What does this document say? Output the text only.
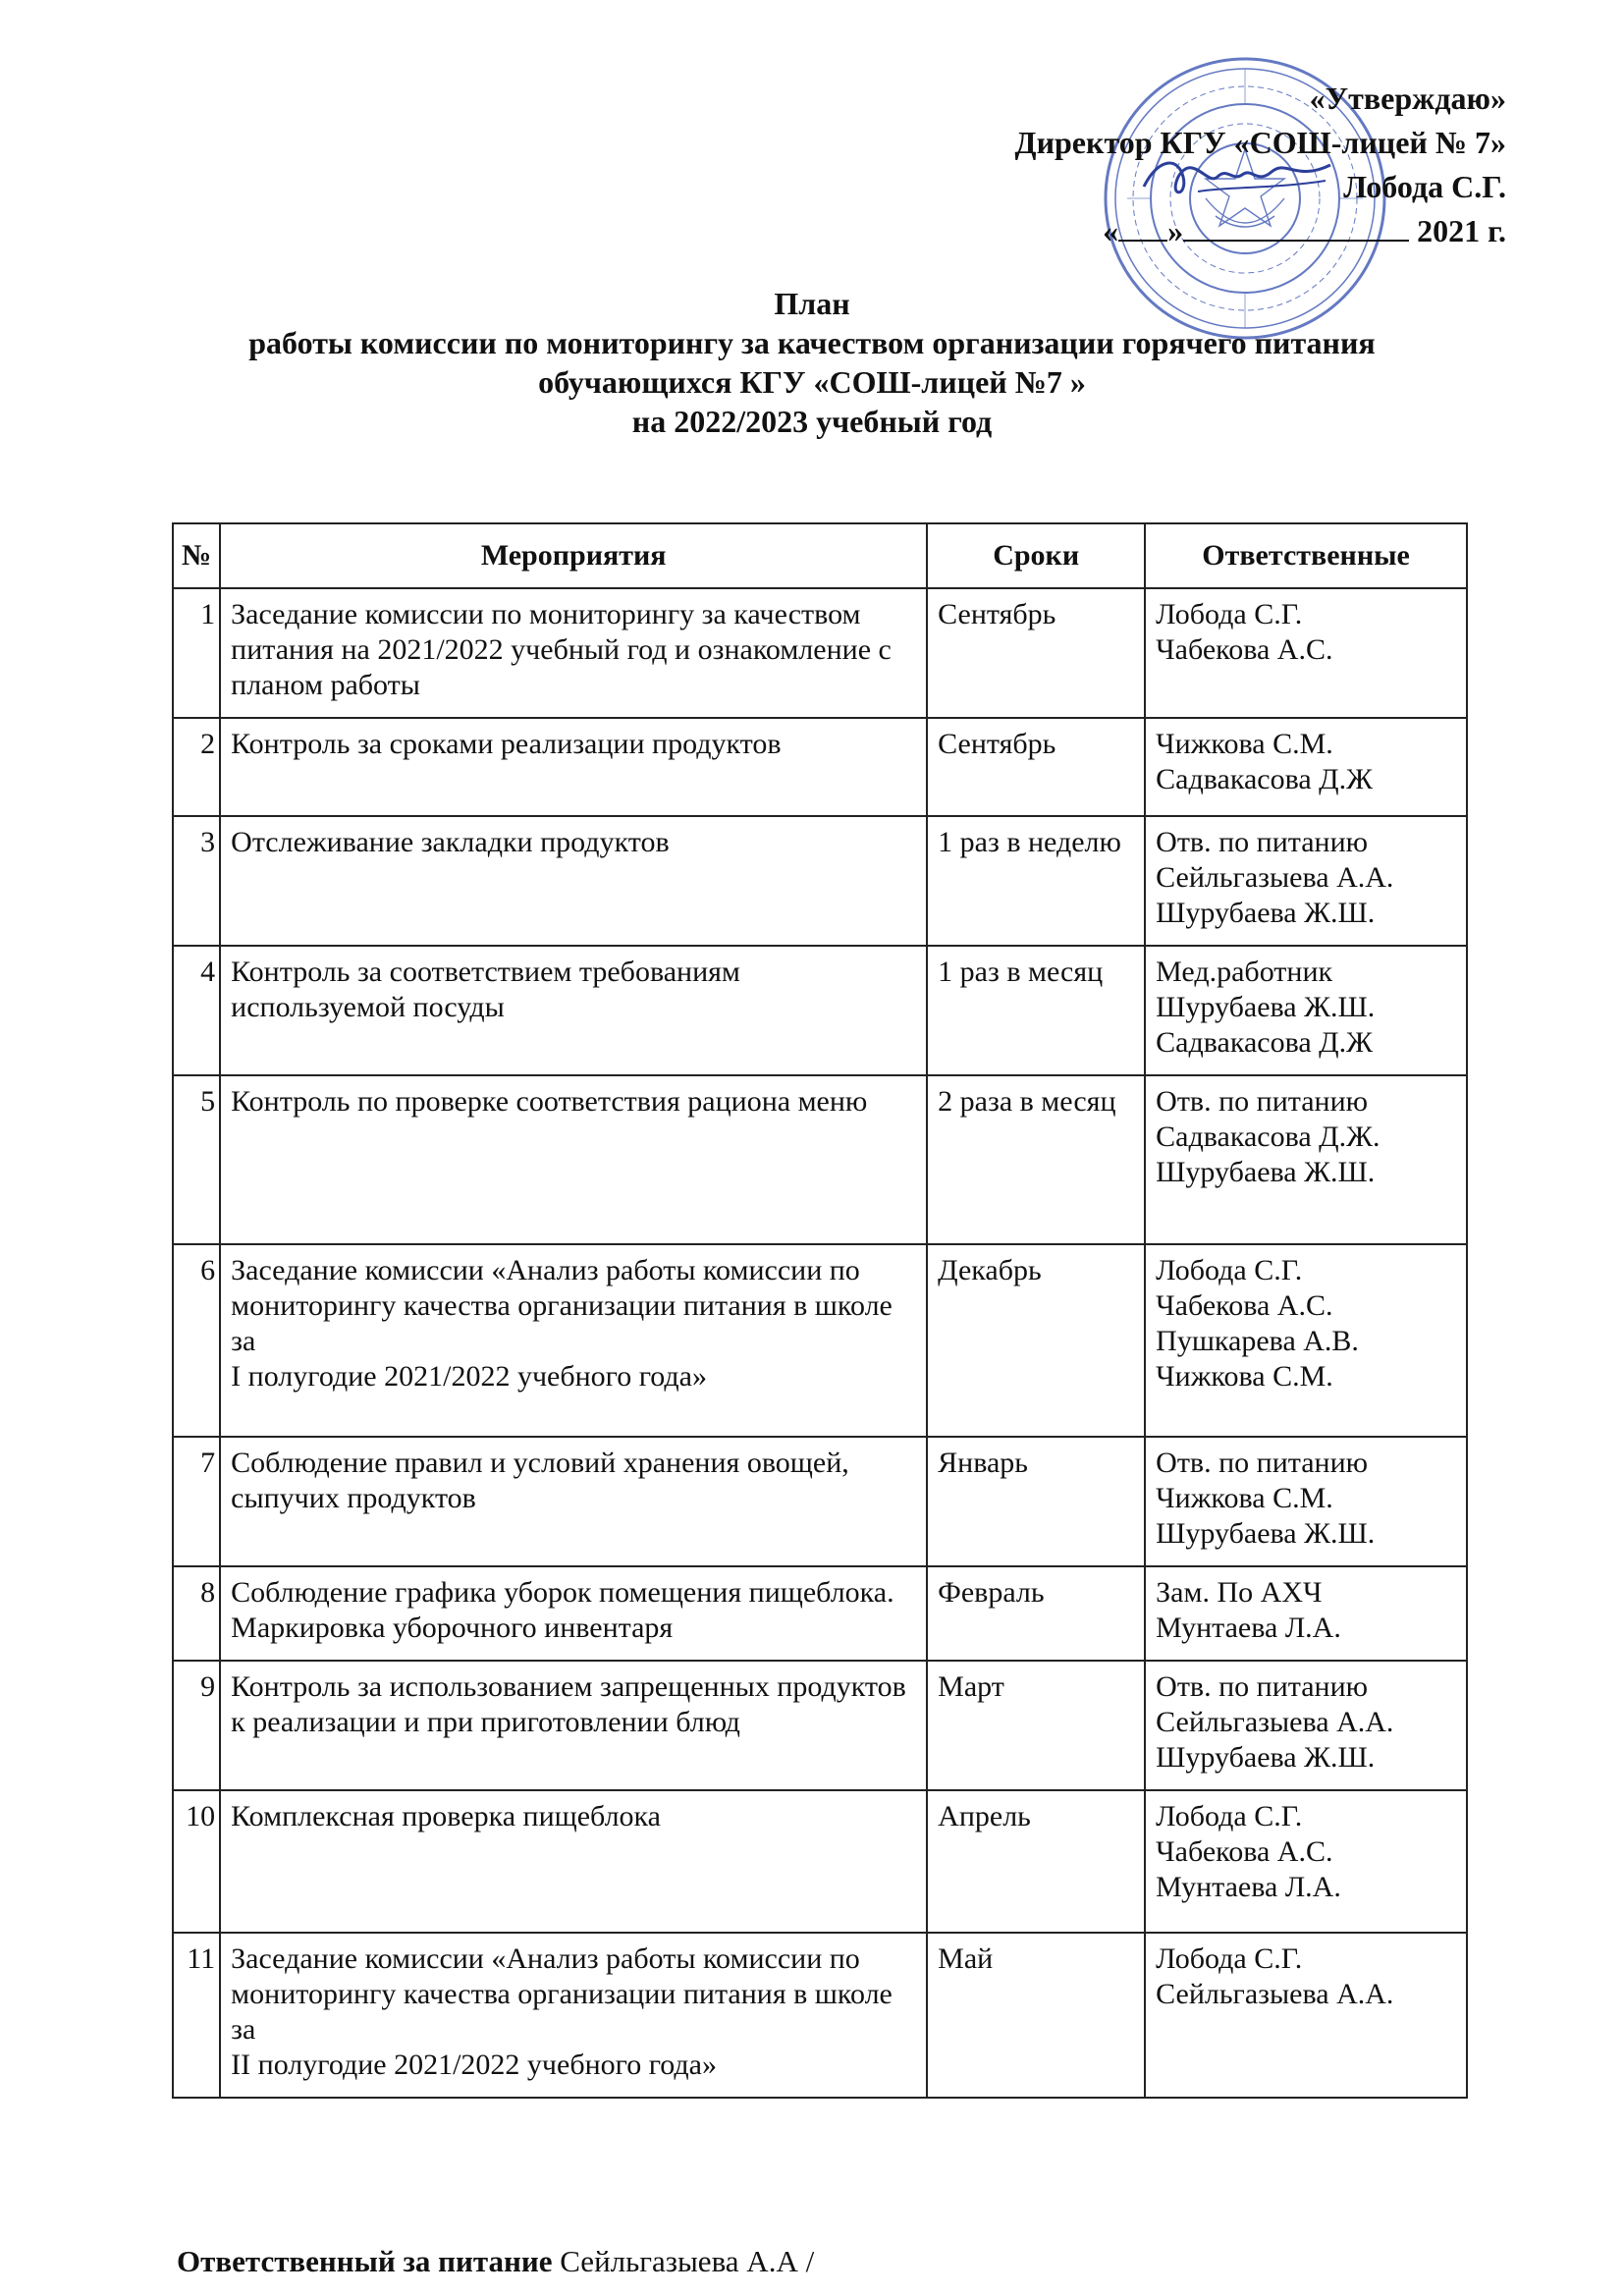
«Утверждаю»
Директор КГУ «СОШ-лицей № 7»
Лобода С.Г.
« »	2021 г.
План
работы комиссии по мониторингу за качеством организации горячего питания
обучающихся КГУ «СОШ-лицей №7 »
на 2022/2023 учебный год
№	Мероприятия	Сроки	Ответственные
1	Заседание комиссии по мониторингу за качеством питания на 2021/2022 учебный год и ознакомление с планом работы	Сентябрь	Лобода С.Г.
Чабекова А.С.
2	Контроль за сроками реализации продуктов	Сентябрь	Чижкова С.М.
Садвакасова Д.Ж
3	Отслеживание закладки продуктов	1 раз в неделю	Отв. по питанию
Сейльгазыева А.А.
Шурубаева Ж.Ш.
4	Контроль за соответствием требованиям используемой посуды	1 раз в месяц	Мед.работник
Шурубаева Ж.Ш.
Садвакасова Д.Ж
5	Контроль по проверке соответствия рациона меню	2 раза в месяц	Отв. по питанию
Садвакасова Д.Ж.
Шурубаева Ж.Ш.
6	Заседание комиссии «Анализ работы комиссии по мониторингу качества организации питания в школе за
I полугодие 2021/2022 учебного года»	Декабрь	Лобода С.Г.
Чабекова А.С.
Пушкарева А.В.
Чижкова С.М.
7	Соблюдение правил и условий хранения овощей, сыпучих продуктов	Январь	Отв. по питанию
Чижкова С.М.
Шурубаева Ж.Ш.
8	Соблюдение графика уборок помещения пищеблока. Маркировка уборочного инвентаря	Февраль	Зам. По АХЧ
Мунтаева Л.А.
9	Контроль за использованием запрещенных продуктов
к реализации и при приготовлении блюд	Март	Отв. по питанию
Сейльгазыева А.А.
Шурубаева Ж.Ш.
10	Комплексная проверка пищеблока	Апрель	Лобода С.Г.
Чабекова А.С.
Мунтаева Л.А.
11	Заседание комиссии «Анализ работы комиссии по мониторингу качества организации питания в школе за
II полугодие 2021/2022 учебного года»	Май	Лобода С.Г.
Сейльгазыева А.А.
Ответственный за питание Сейльгазыева А.А /
